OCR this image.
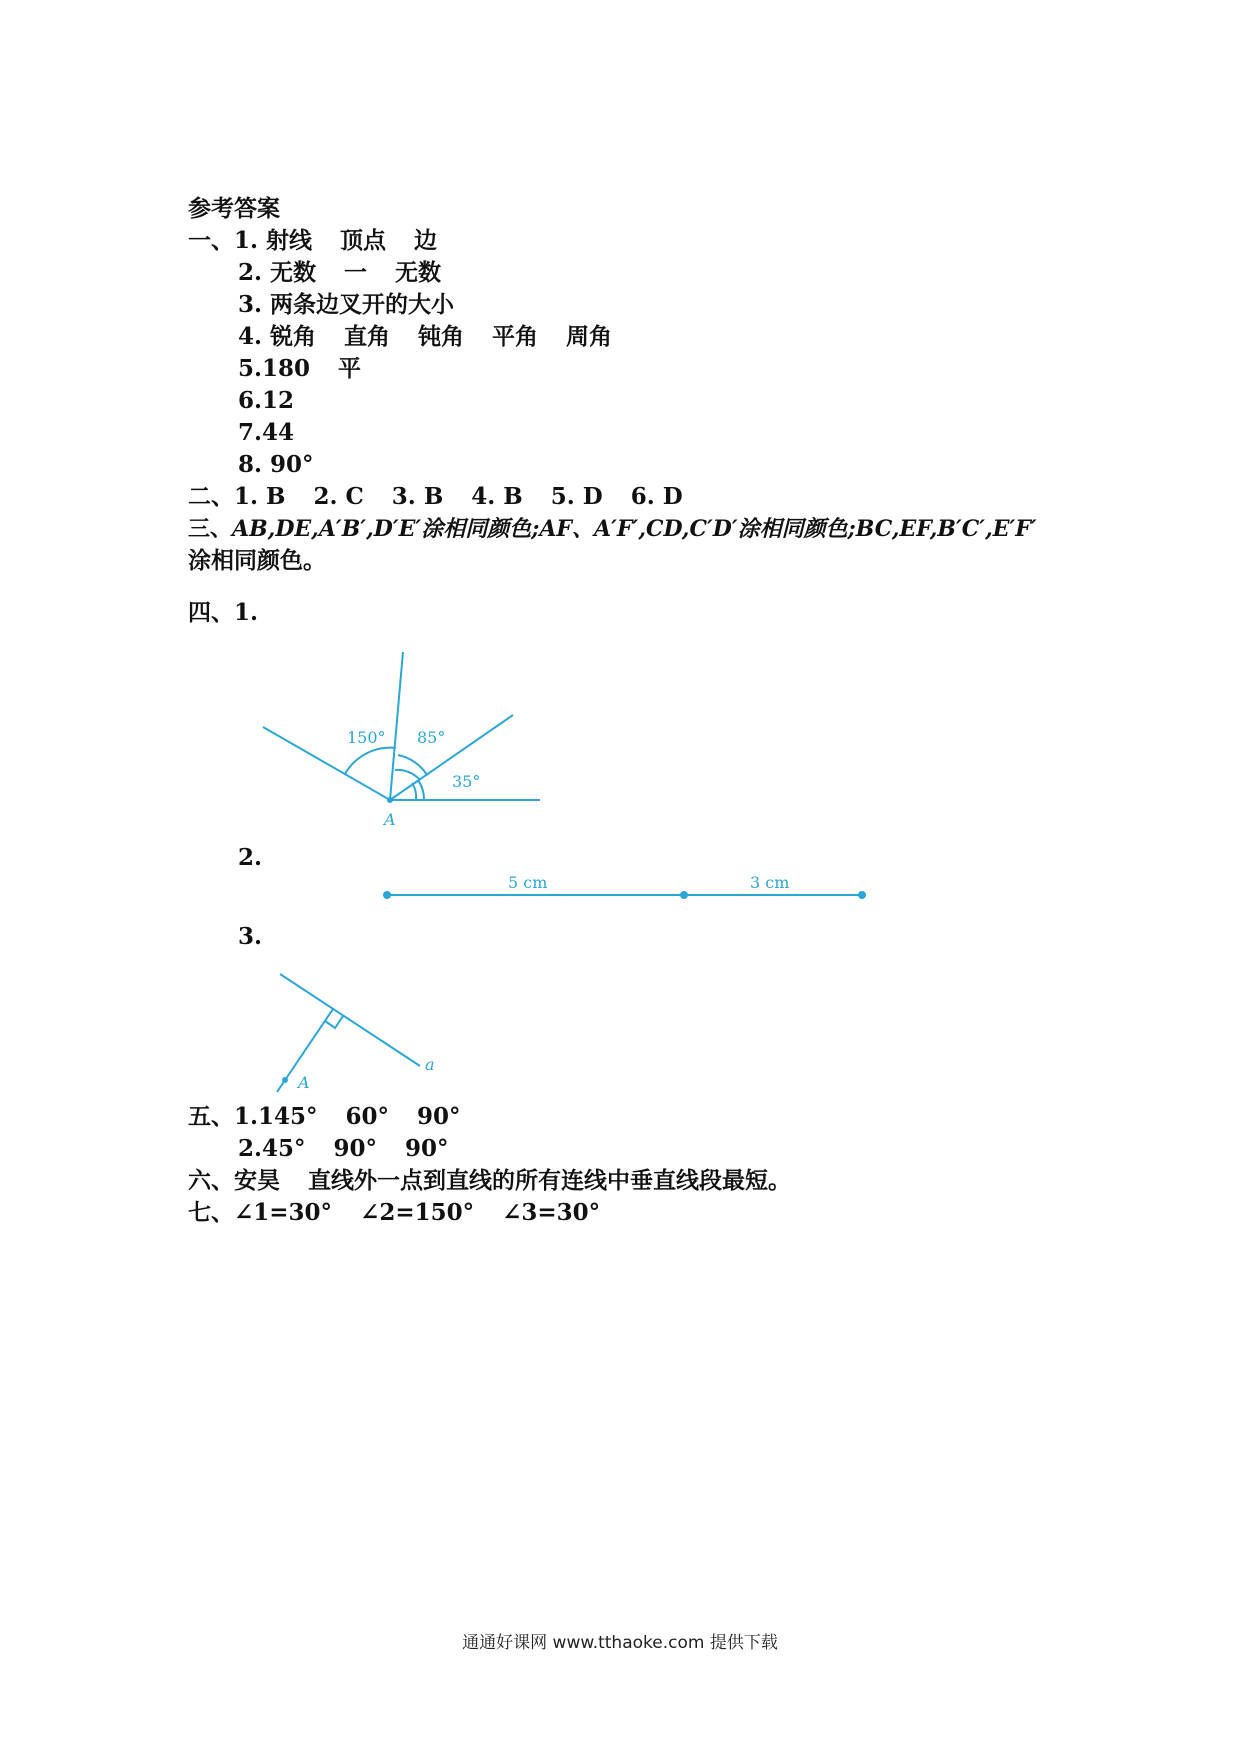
参考答案
一、1. 射线 顶点 边
2. 无数 一 无数
3. 两条边叉开的大小
4. 锐角 直角 钝角 平角 周角
5.180 平
6.12
7.44
8. 90°
二、1. B 2. C 3. B 4. B 5. D 6. D
三、AB,DE,A′B′,D′E′涂相同颜色;AF、A′F′,CD,C′D′涂相同颜色;BC,EF,B′C′,E′F′
涂相同颜色。
四、1.
150° 85°
35°
A
2.
5 cm	3 cm
3.
A
a
五、1.145° 60° 90°
2.45° 90° 90°
六、安昊 直线外一点到直线的所有连线中垂直线段最短。
七、∠1=30° ∠2=150° ∠3=30°
通通好课网 www.tthaoke.com 提供下载
